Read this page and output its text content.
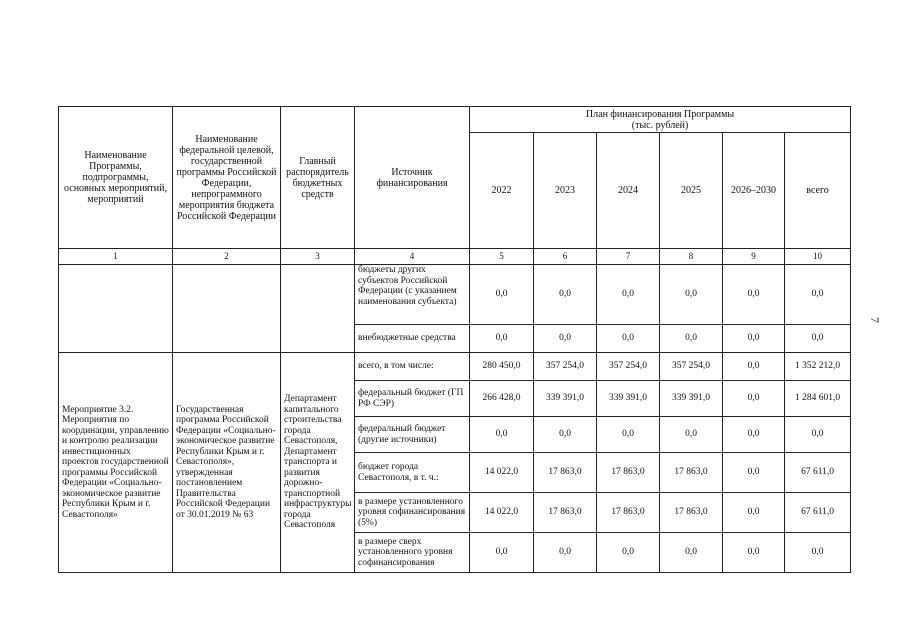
7
Наименование Программы, подпрограммы, основных мероприятий, мероприятий	Наименование федеральной целевой, государственной программы Российской Федерации, непрограммного мероприятия бюджета Российской Федерации	Главный распорядитель бюджетных средств	Источник финансирования	План финансирования Программы
(тыс. рублей)					

				2022	2023	2024	2025	2026–2030	всего
1	2	3	4	5	6	7	8	9	10
			бюджеты других субъектов Российской Федерации (с указанием наименования субъекта)	0,0	0,0	0,0	0,0	0,0	0,0
			внебюджетные средства	0,0	0,0	0,0	0,0	0,0	0,0
Мероприятие 3.2. Мероприятия по координации, управлению и контролю реализации инвестиционных проектов государственной программы Российской Федерации «Социально-экономическое развитие Республики Крым и г. Севастополя»	Государственная программа Российской Федерации «Социально-экономическое развитие Республики Крым и г. Севастополя», утвержденная постановлением Правительства Российской Федерации от 30.01.2019 № 63	Департамент капитального строительства города Севастополя, Департамент транспорта и развития дорожно-транспортной инфраструктуры города Севастополя	всего, в том числе:	280 450,0	357 254,0	357 254,0	357 254,0	0,0	1 352 212,0
			федеральный бюджет (ГП РФ СЭР)	266 428,0	339 391,0	339 391,0	339 391,0	0,0	1 284 601,0
			федеральный бюджет (другие источники)	0,0	0,0	0,0	0,0	0,0	0,0
			бюджет города Севастополя, в т. ч.:	14 022,0	17 863,0	17 863,0	17 863,0	0,0	67 611,0
			в размере установленного уровня софинансирования (5%)	14 022,0	17 863,0	17 863,0	17 863,0	0,0	67 611,0
			в размере сверх установленного уровня софинансирования	0,0	0,0	0,0	0,0	0,0	0,0
